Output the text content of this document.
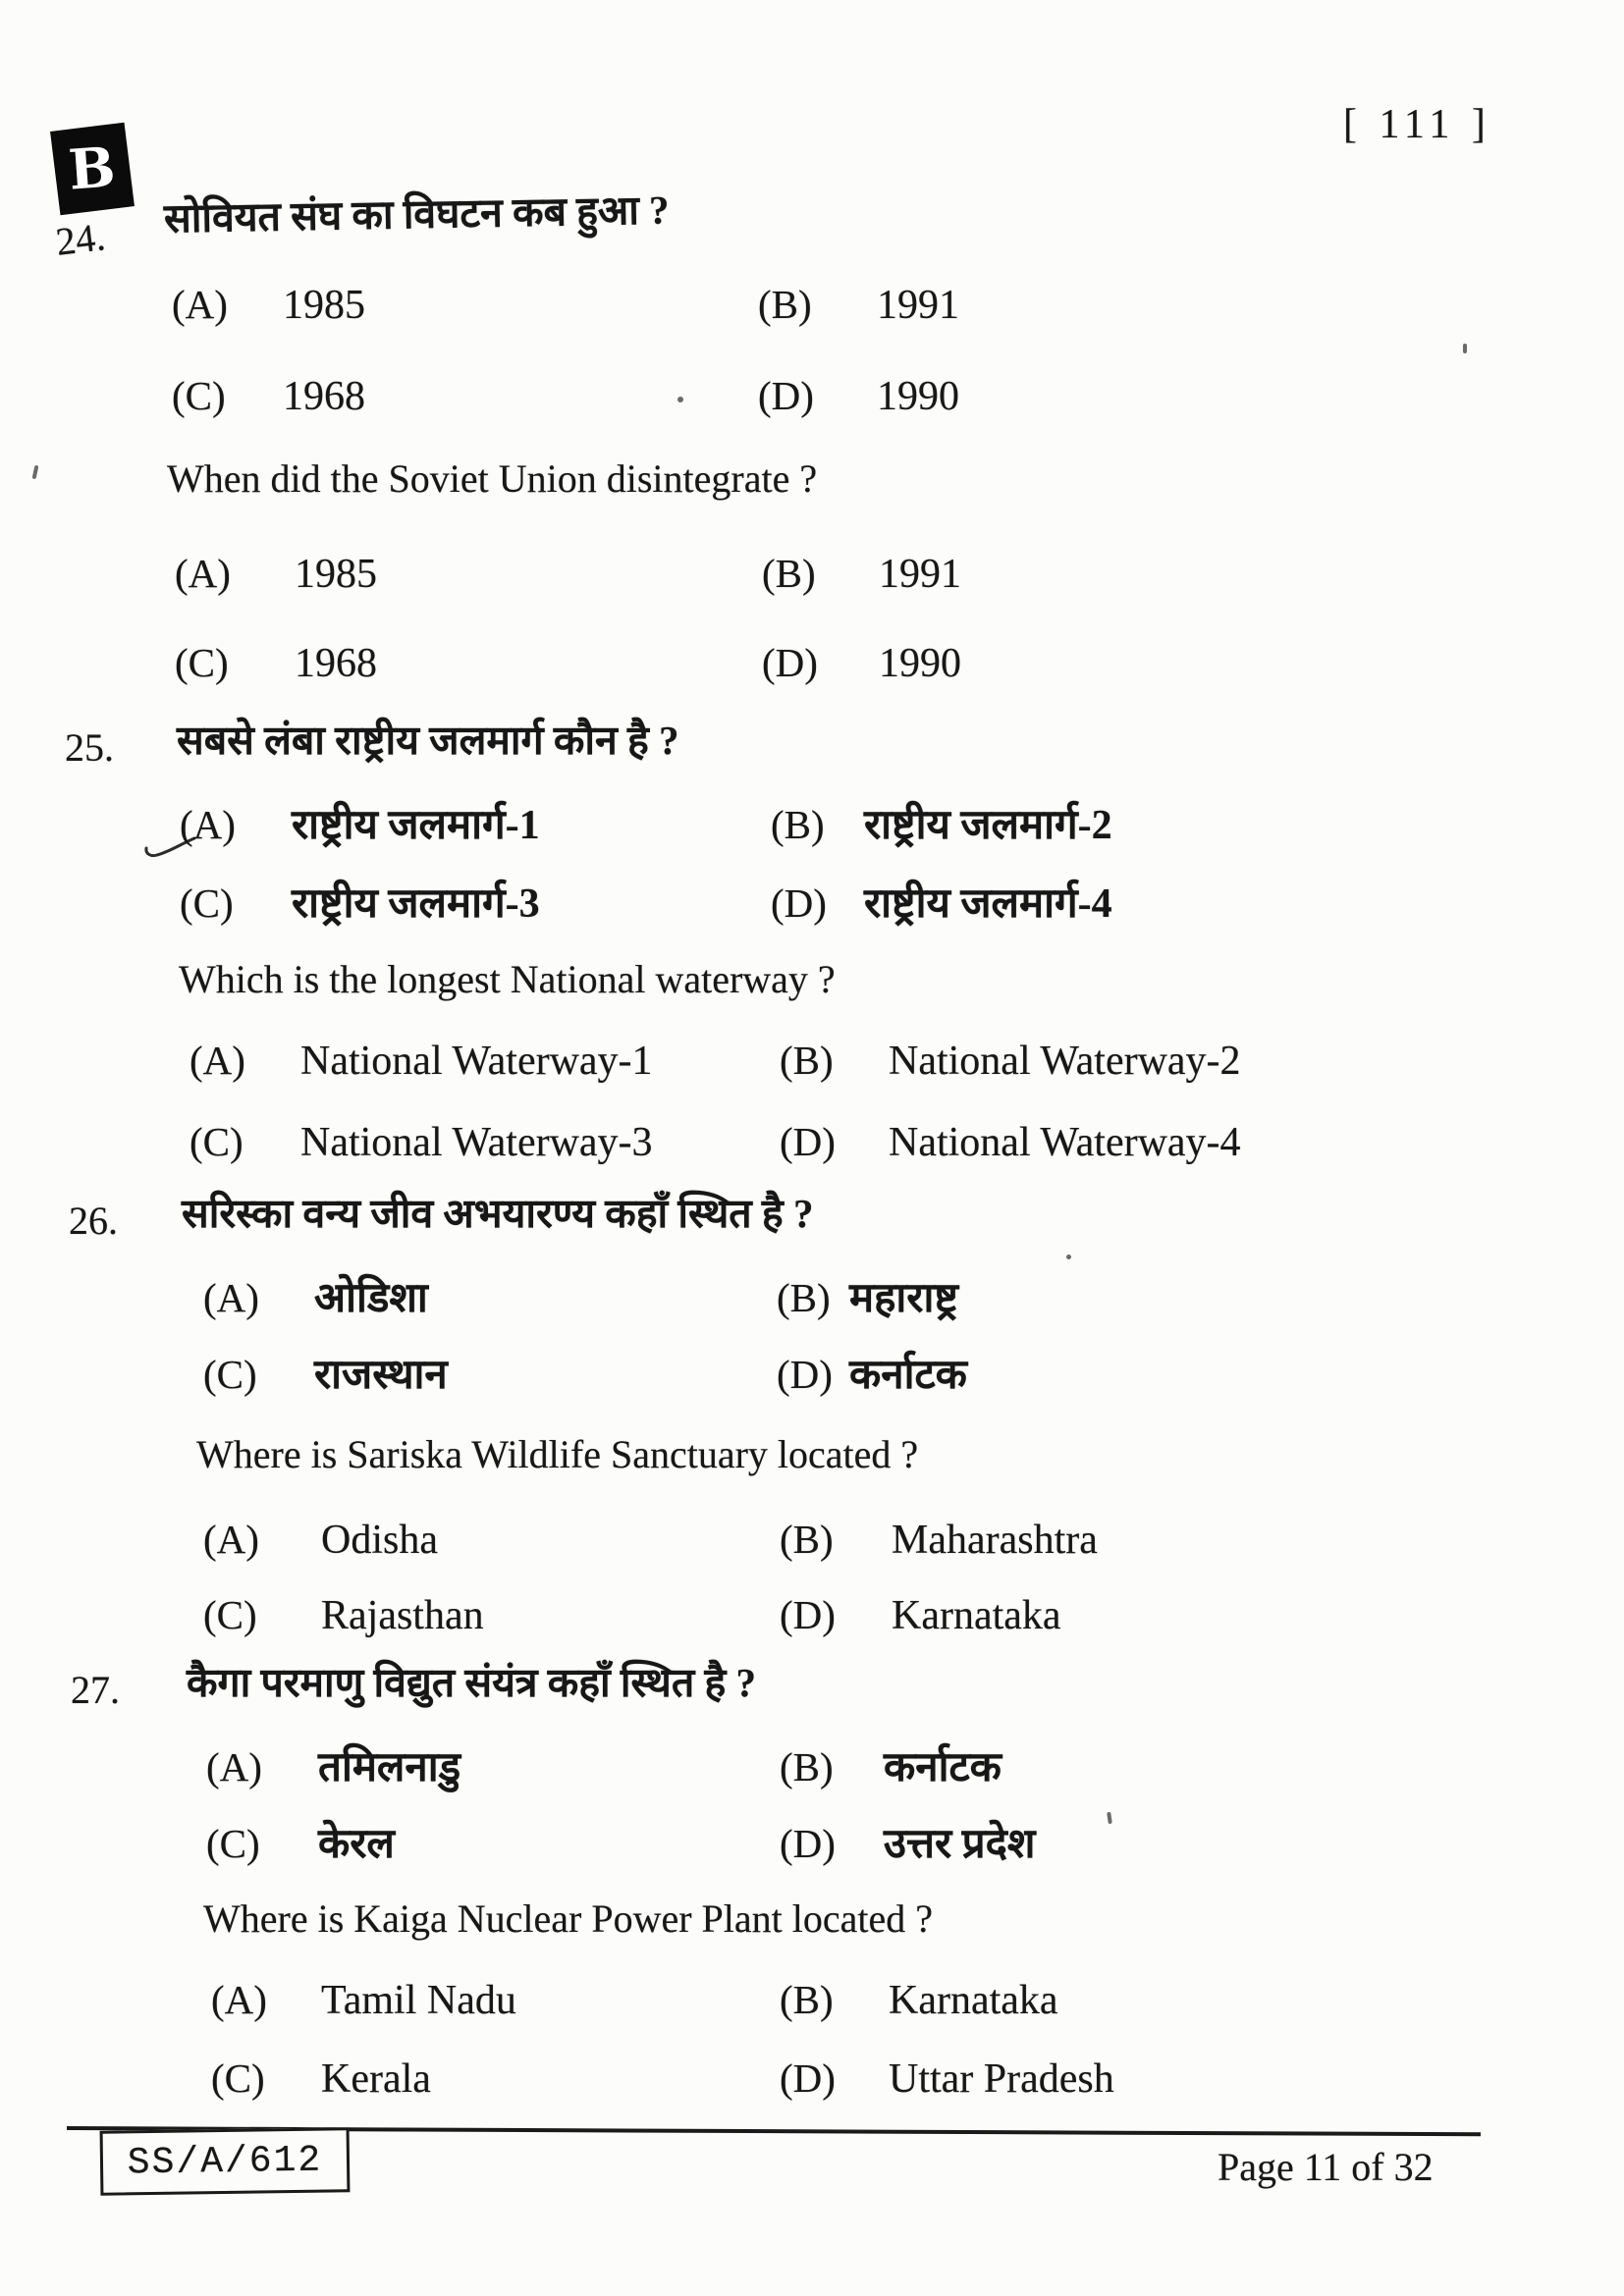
B
[ 111 ]
24. सोवियत संघ का विघटन कब हुआ ?
(A) 1985	(B) 1991
(C) 1968	(D) 1990
When did the Soviet Union disintegrate ?
(A) 1985	(B) 1991
(C) 1968	(D) 1990
25. सबसे लंबा राष्ट्रीय जलमार्ग कौन है ?
(A) राष्ट्रीय जलमार्ग-1	(B) राष्ट्रीय जलमार्ग-2
(C) राष्ट्रीय जलमार्ग-3	(D) राष्ट्रीय जलमार्ग-4
Which is the longest National waterway ?
(A) National Waterway-1	(B) National Waterway-2
(C) National Waterway-3	(D) National Waterway-4
26. सरिस्का वन्य जीव अभयारण्य कहाँ स्थित है ?
(A) ओडिशा	(B) महाराष्ट्र
(C) राजस्थान	(D) कर्नाटक
Where is Sariska Wildlife Sanctuary located ?
(A) Odisha	(B) Maharashtra
(C) Rajasthan	(D) Karnataka
27. कैगा परमाणु विद्युत संयंत्र कहाँ स्थित है ?
(A) तमिलनाडु	(B) कर्नाटक
(C) केरल	(D) उत्तर प्रदेश
Where is Kaiga Nuclear Power Plant located ?
(A) Tamil Nadu	(B) Karnataka
(C) Kerala	(D) Uttar Pradesh
SS/A/612	Page 11 of 32
